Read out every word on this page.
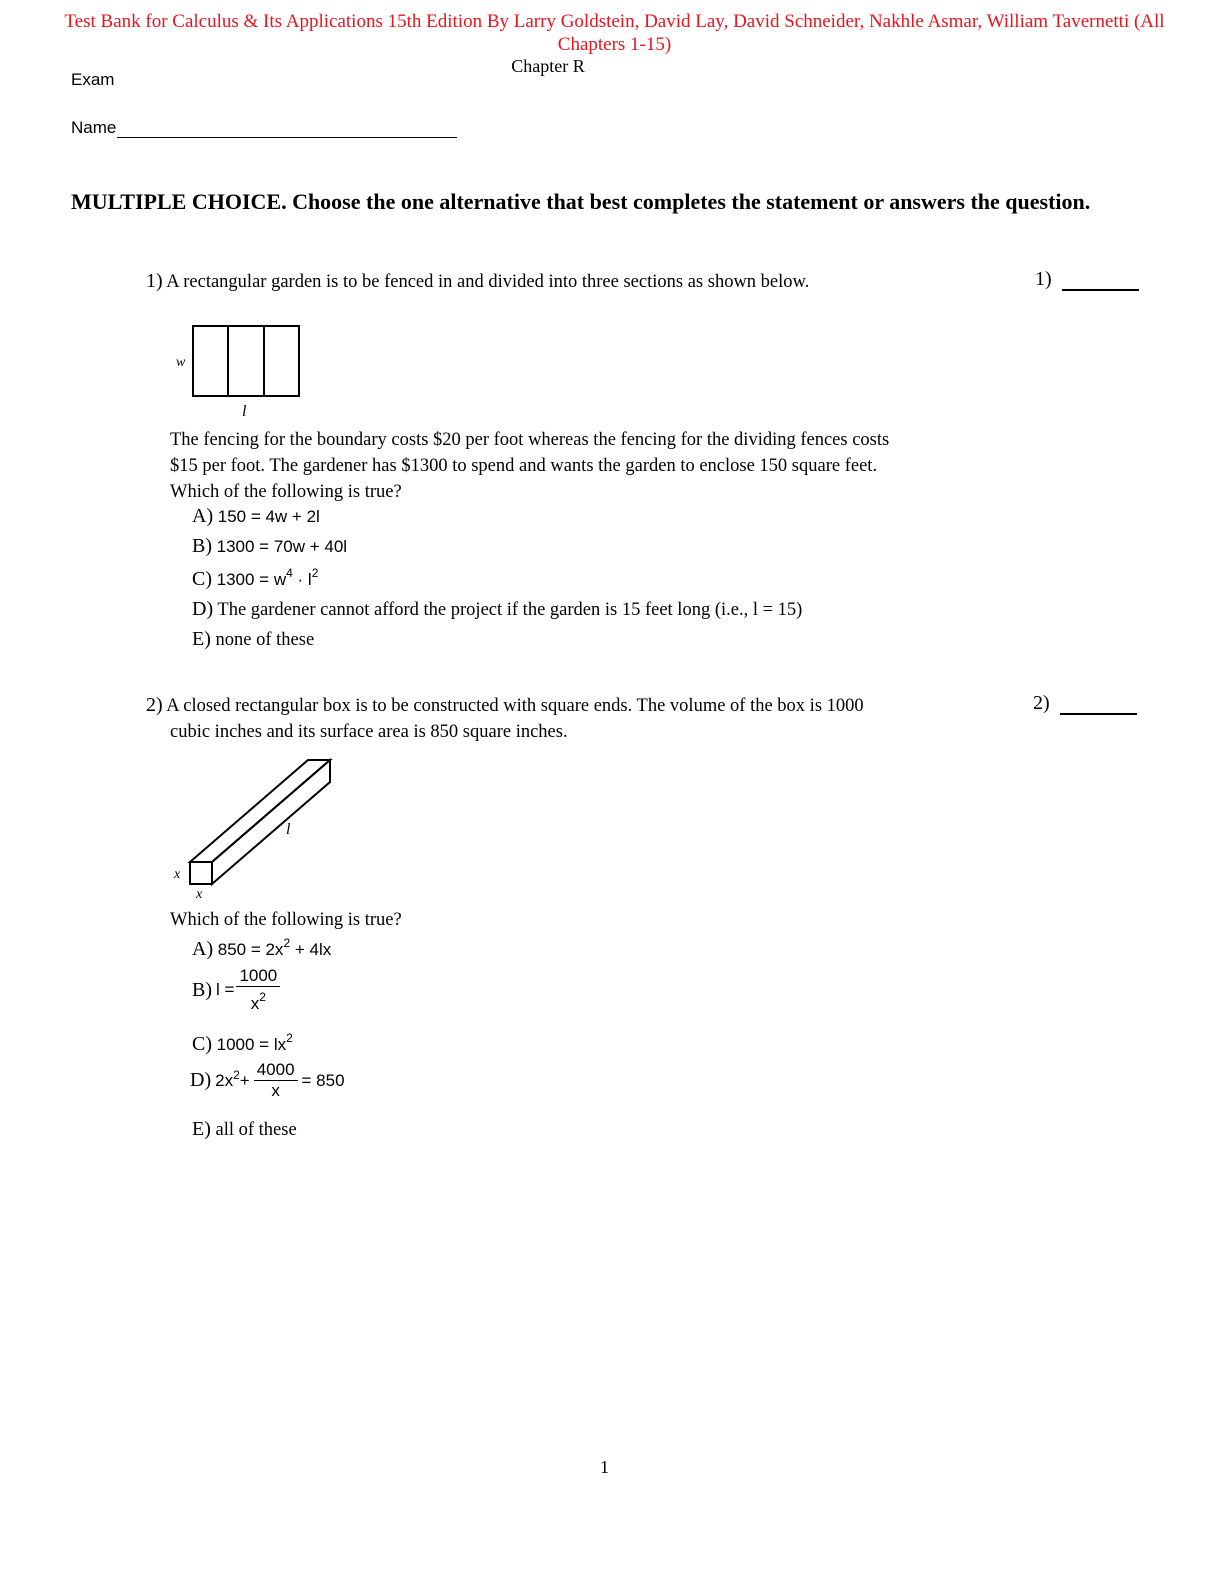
Test Bank for Calculus & Its Applications 15th Edition By Larry Goldstein, David Lay, David Schneider, Nakhle Asmar, William Tavernetti (All Chapters 1-15)
Chapter R
Exam
Name
MULTIPLE CHOICE. Choose the one alternative that best completes the statement or answers the question.
1) A rectangular garden is to be fenced in and divided into three sections as shown below.	1)
w
l
The fencing for the boundary costs $20 per foot whereas the fencing for the dividing fences costs
$15 per foot. The gardener has $1300 to spend and wants the garden to enclose 150 square feet.
Which of the following is true?
A) 150 = 4w + 2l
B) 1300 = 70w + 40l
C) $1300 = w^4 \cdot l^2$
D) The gardener cannot afford the project if the garden is 15 feet long (i.e., l = 15)
E) none of these
2) A closed rectangular box is to be constructed with square ends. The volume of the box is 1000
cubic inches and its surface area is 850 square inches.
2)
x
x
l
Which of the following is true?
A) $850 = 2x^2 + 4lx$
B) $l = \frac{1000}{x^2}$
C) $1000 = lx^2$
D) $2x^2 + \frac{4000}{x} = 850$
E) all of these
1
